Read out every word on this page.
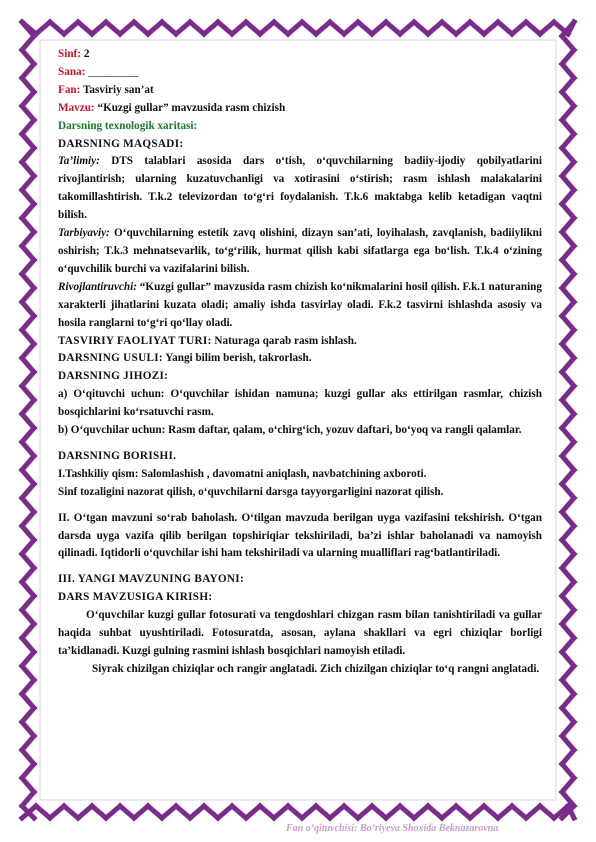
Sinf: 2

Sana: _________

Fan: Tasviriy san’at

Mavzu: “Kuzgi gullar” mavzusida rasm chizish

Darsning texnologik xaritasi:

DARSNING MAQSADI:

Ta’limiy: DTS talablari asosida dars o‘tish, o‘quvchilarning badiiy-ijodiy qobilyatlarini rivojlantirish; ularning kuzatuvchanligi va xotirasini o‘stirish; rasm ishlash malakalarini takomillashtirish. T.k.2 televizordan to‘g‘ri foydalanish. T.k.6 maktabga kelib ketadigan vaqtni bilish.

Tarbiyaviy: O‘quvchilarning estetik zavq olishini, dizayn san’ati, loyihalash, zavqlanish, badiiylikni oshirish; T.k.3 mehnatsevarlik, to‘g‘rilik, hurmat qilish kabi sifatlarga ega bo‘lish. T.k.4 o‘zining o‘quvchilik burchi va vazifalarini bilish.

Rivojlantiruvchi: “Kuzgi gullar” mavzusida rasm chizish ko‘nikmalarini hosil qilish. F.k.1 naturaning xarakterli jihatlarini kuzata oladi; amaliy ishda tasvirlay oladi. F.k.2 tasvirni ishlashda asosiy va hosila ranglarni to‘g‘ri qo‘llay oladi.

TASVIRIY FAOLIYAT TURI: Naturaga qarab rasm ishlash.

DARSNING USULI: Yangi bilim berish, takrorlash.

DARSNING JIHOZI:

a) O‘qituvchi uchun: O‘quvchilar ishidan namuna; kuzgi gullar aks ettirilgan rasmlar, chizish bosqichlarini ko‘rsatuvchi rasm.

b) O‘quvchilar uchun: Rasm daftar, qalam, o‘chirg‘ich, yozuv daftari, bo‘yoq va rangli qalamlar.

DARSNING BORISHI.

I.Tashkiliy qism: Salomlashish , davomatni aniqlash, navbatchining axboroti.

Sinf tozaligini nazorat qilish, o‘quvchilarni darsga tayyorgarligini nazorat qilish.

II. O‘tgan mavzuni so‘rab baholash. O‘tilgan mavzuda berilgan uyga vazifasini tekshirish. O‘tgan darsda uyga vazifa qilib berilgan topshiriqiar tekshiriladi, ba’zi ishlar baholanadi va namoyish qilinadi. Iqtidorli o‘quvchilar ishi ham tekshiriladi va ularning mualliflari rag‘batlantiriladi.

III. YANGI MAVZUNING BAYONI:

DARS MAVZUSIGA KIRISH:

O‘quvchilar kuzgi gullar fotosurati va tengdoshlari chizgan rasm bilan tanishtiriladi va gullar haqida suhbat uyushtiriladi. Fotosuratda, asosan, aylana shakllari va egri chiziqlar borligi ta’kidlanadi. Kuzgi gulning rasmini ishlash bosqichlari namoyish etiladi.

Siyrak chizilgan chiziqlar och rangir anglatadi. Zich chizilgan chiziqlar to‘q rangni anglatadi.

Fan o‘qituvchisi: Bo‘riyeva Shoxida Beknazarovna
